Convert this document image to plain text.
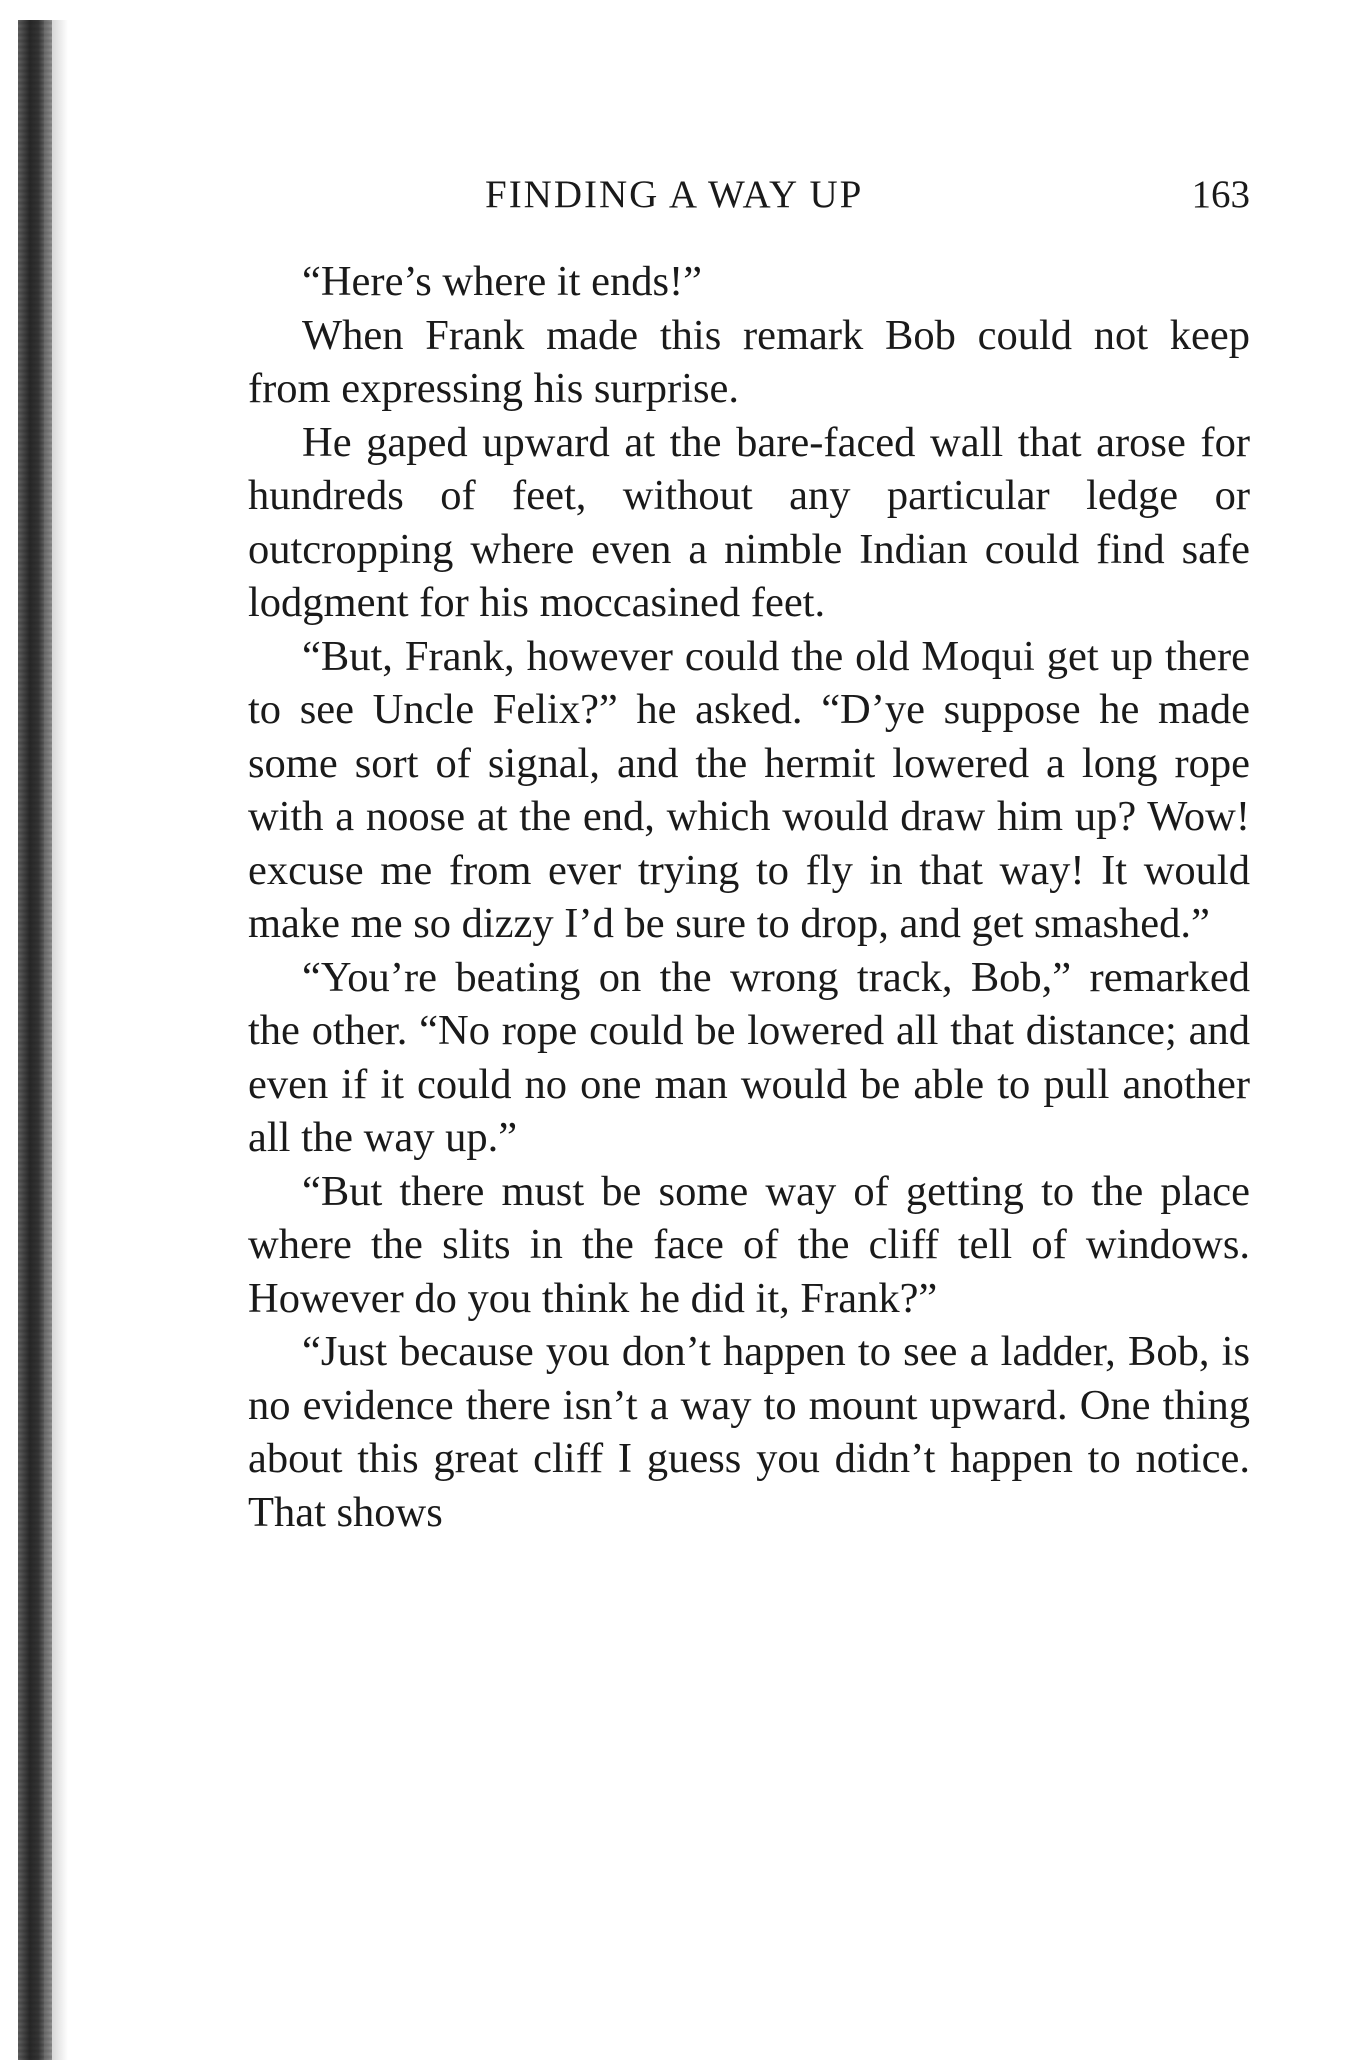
FINDING A WAY UP	163

“Here’s where it ends!”

When Frank made this remark Bob could not keep from expressing his surprise.

He gaped upward at the bare-faced wall that arose for hundreds of feet, without any particular ledge or outcropping where even a nimble Indian could find safe lodgment for his moccasined feet.

“But, Frank, however could the old Moqui get up there to see Uncle Felix?” he asked. “D’ye suppose he made some sort of signal, and the hermit lowered a long rope with a noose at the end, which would draw him up? Wow! excuse me from ever trying to fly in that way! It would make me so dizzy I’d be sure to drop, and get smashed.”

“You’re beating on the wrong track, Bob,” remarked the other. “No rope could be lowered all that distance; and even if it could no one man would be able to pull another all the way up.”

“But there must be some way of getting to the place where the slits in the face of the cliff tell of windows. However do you think he did it, Frank?”

“Just because you don’t happen to see a ladder, Bob, is no evidence there isn’t a way to mount upward. One thing about this great cliff I guess you didn’t happen to notice. That shows
